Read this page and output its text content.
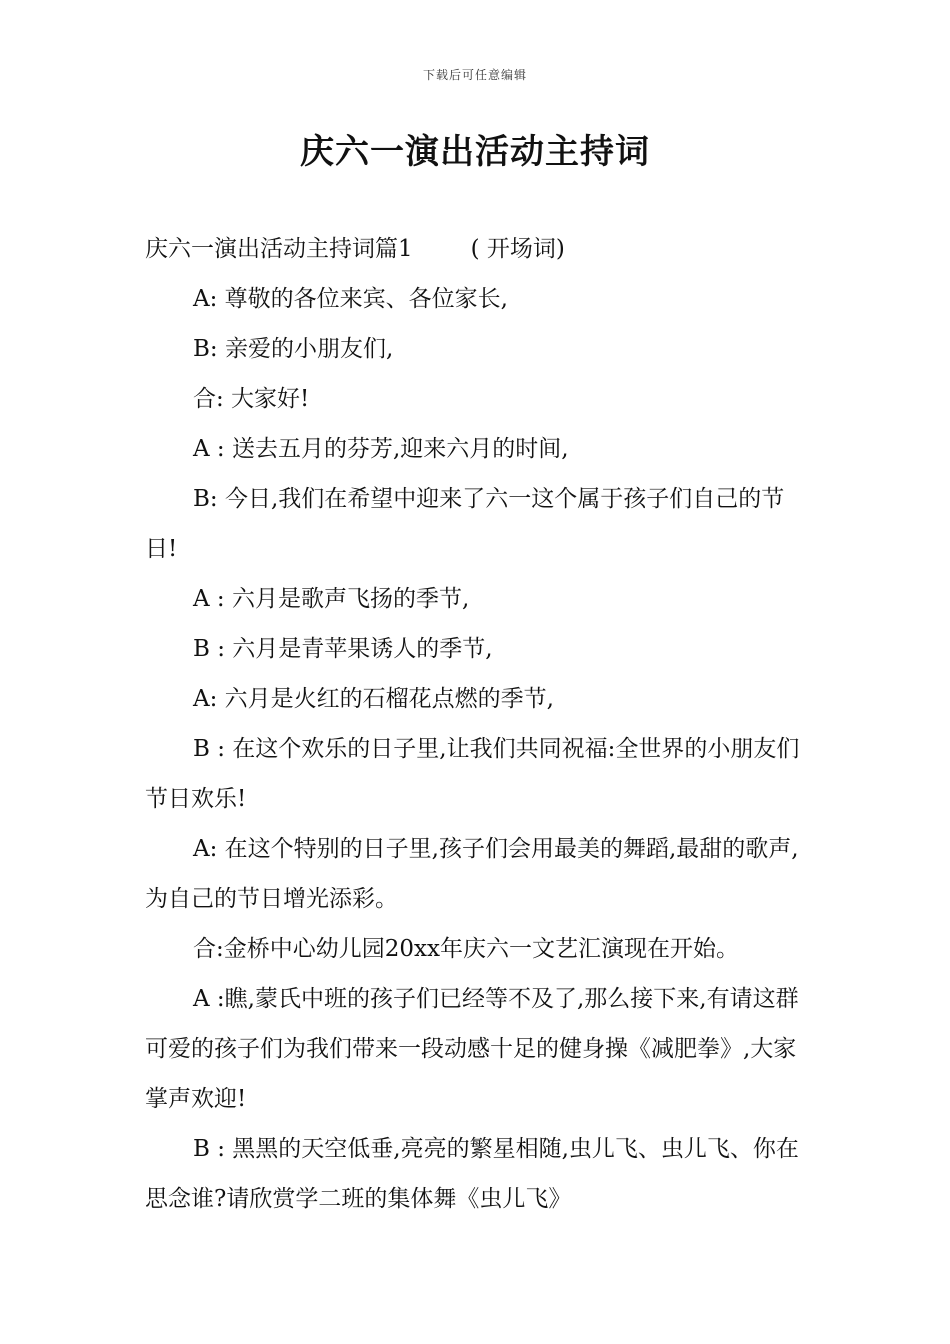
下载后可任意编辑
庆六一演出活动主持词

庆六一演出活动主持词篇1	( 开场词)

A: 尊敬的各位来宾、各位家长,

B: 亲爱的小朋友们,

合: 大家好!

A : 送去五月的芬芳,迎来六月的时间,

B: 今日,我们在希望中迎来了六一这个属于孩子们自己的节日!

A : 六月是歌声飞扬的季节,

B : 六月是青苹果诱人的季节,

A: 六月是火红的石榴花点燃的季节,

B : 在这个欢乐的日子里,让我们共同祝福:全世界的小朋友们节日欢乐!

A: 在这个特别的日子里,孩子们会用最美的舞蹈,最甜的歌声,为自己的节日增光添彩。

合:金桥中心幼儿园20xx年庆六一文艺汇演现在开始。

A :瞧,蒙氏中班的孩子们已经等不及了,那么接下来,有请这群可爱的孩子们为我们带来一段动感十足的健身操《减肥拳》,大家掌声欢迎!

B : 黑黑的天空低垂,亮亮的繁星相随,虫儿飞、虫儿飞、你在思念谁?请欣赏学二班的集体舞《虫儿飞》
